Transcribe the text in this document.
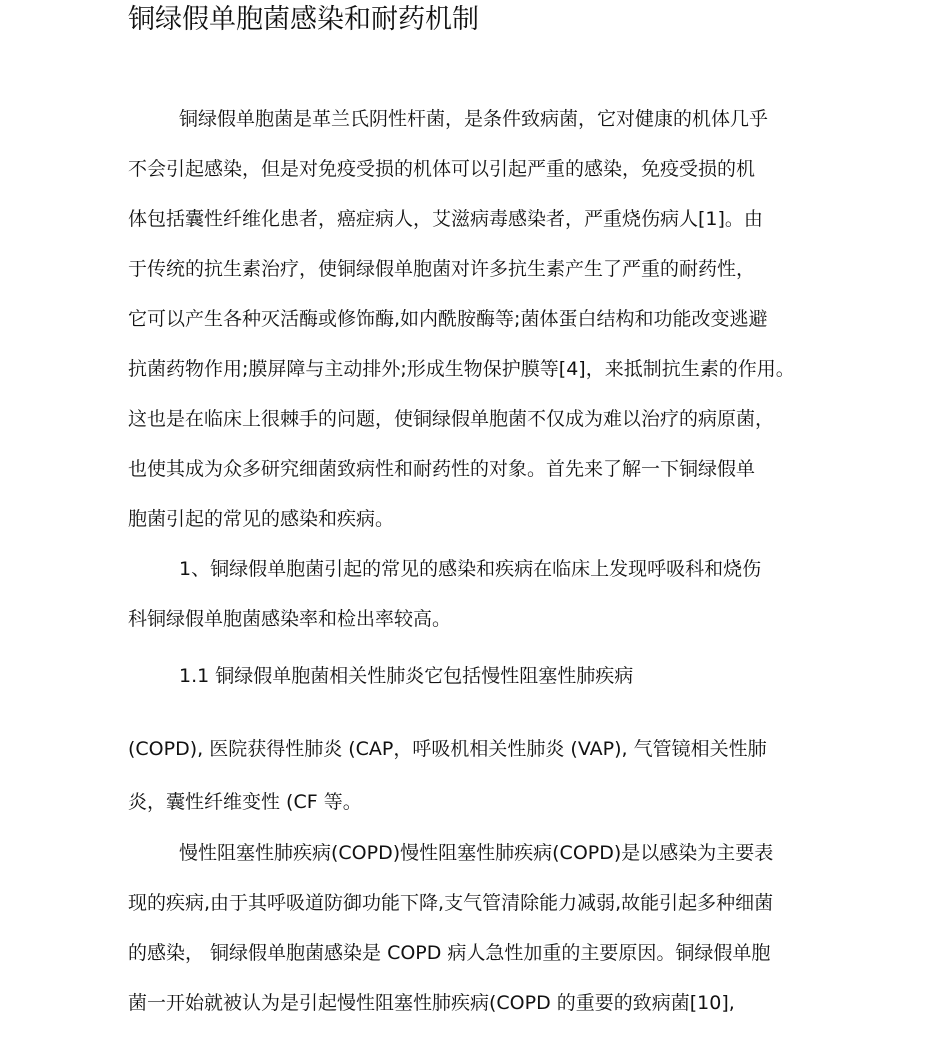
铜绿假单胞菌感染和耐药机制
铜绿假单胞菌是革兰氏阴性杆菌，是条件致病菌，它对健康的机体几乎
不会引起感染，但是对免疫受损的机体可以引起严重的感染，免疫受损的机
体包括囊性纤维化患者，癌症病人，艾滋病毒感染者，严重烧伤病人[1]。由
于传统的抗生素治疗，使铜绿假单胞菌对许多抗生素产生了严重的耐药性，
它可以产生各种灭活酶或修饰酶,如内酰胺酶等;菌体蛋白结构和功能改变逃避
抗菌药物作用;膜屏障与主动排外;形成生物保护膜等[4]，来抵制抗生素的作用。
这也是在临床上很棘手的问题，使铜绿假单胞菌不仅成为难以治疗的病原菌，
也使其成为众多研究细菌致病性和耐药性的对象。首先来了解一下铜绿假单
胞菌引起的常见的感染和疾病。
1、铜绿假单胞菌引起的常见的感染和疾病在临床上发现呼吸科和烧伤
科铜绿假单胞菌感染率和检出率较高。
1.1 铜绿假单胞菌相关性肺炎它包括慢性阻塞性肺疾病
(COPD), 医院获得性肺炎 (CAP，呼吸机相关性肺炎 (VAP), 气管镜相关性肺
炎，囊性纤维变性 (CF 等。
慢性阻塞性肺疾病(COPD)慢性阻塞性肺疾病(COPD)是以感染为主要表
现的疾病,由于其呼吸道防御功能下降,支气管清除能力减弱,故能引起多种细菌
的感染， 铜绿假单胞菌感染是 COPD 病人急性加重的主要原因。铜绿假单胞
菌一开始就被认为是引起慢性阻塞性肺疾病(COPD 的重要的致病菌[10],
